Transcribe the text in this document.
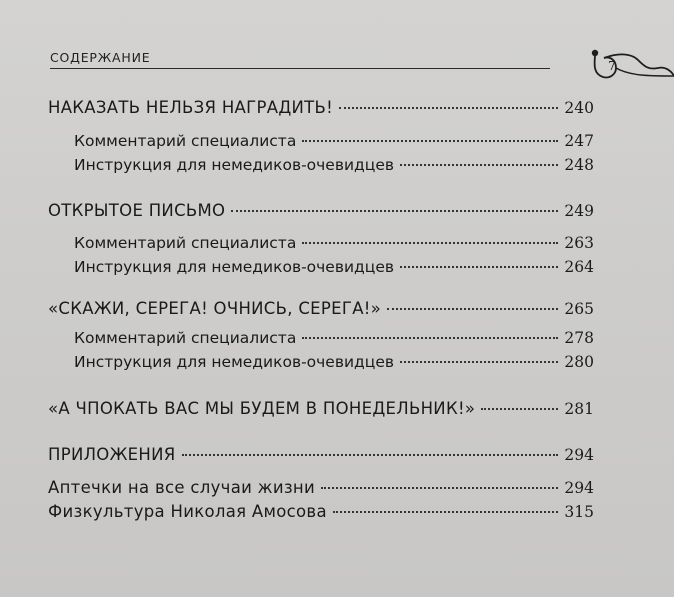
СОДЕРЖАНИЕ
7
НАКАЗАТЬ НЕЛЬЗЯ НАГРАДИТЬ!	240
Комментарий специалиста	247
Инструкция для немедиков-очевидцев	248
ОТКРЫТОЕ ПИСЬМО	249
Комментарий специалиста	263
Инструкция для немедиков-очевидцев	264
«СКАЖИ, СЕРЕГА! ОЧНИСЬ, СЕРЕГА!»	265
Комментарий специалиста	278
Инструкция для немедиков-очевидцев	280
«А ЧПОКАТЬ ВАС МЫ БУДЕМ В ПОНЕДЕЛЬНИК!»	281
ПРИЛОЖЕНИЯ	294
Аптечки на все случаи жизни	294
Физкультура Николая Амосова	315
